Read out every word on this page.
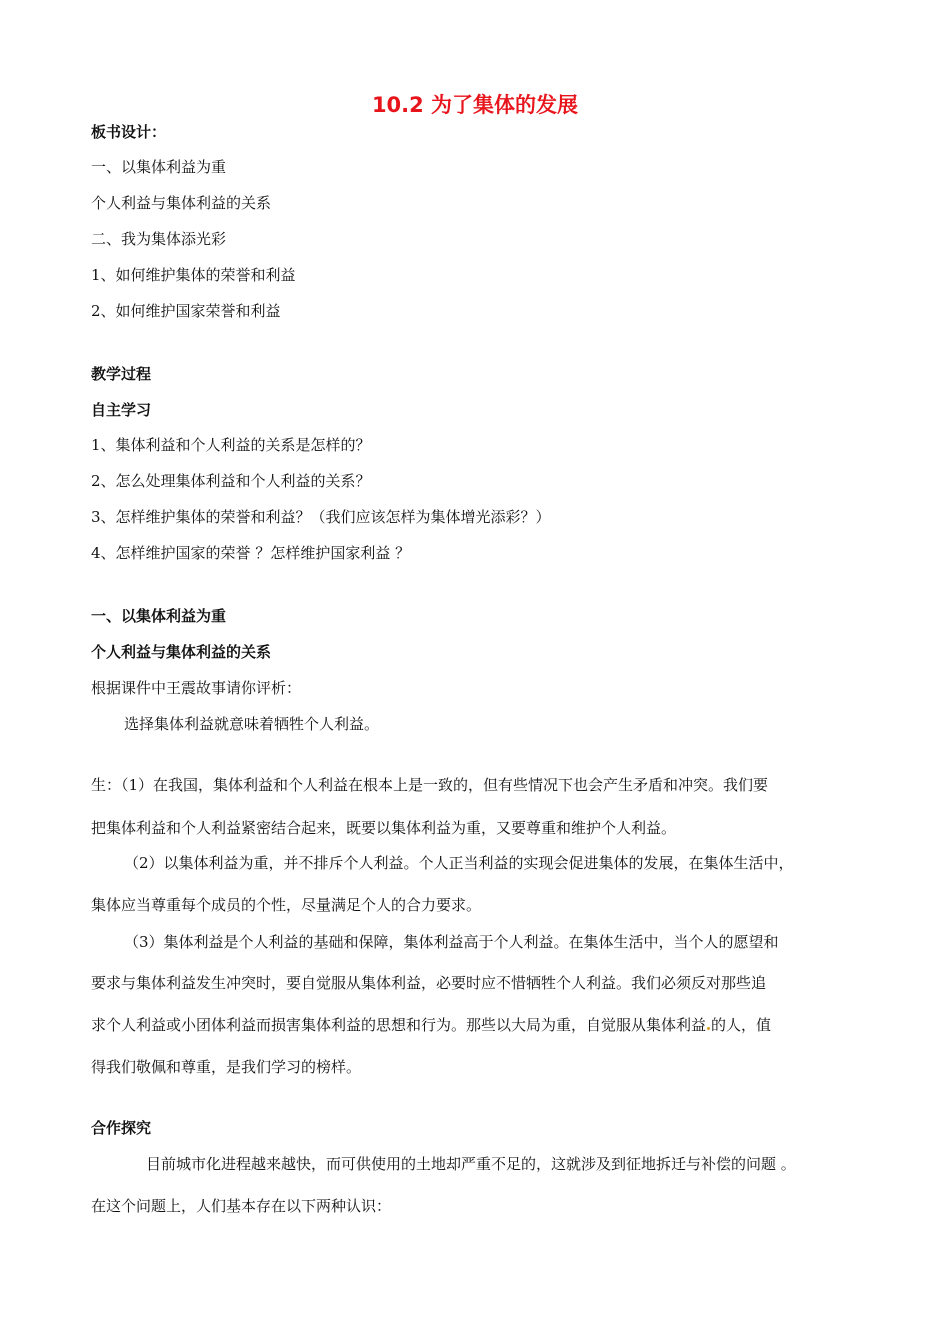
10.2 为了集体的发展
板书设计：
一、以集体利益为重
个人利益与集体利益的关系
二、我为集体添光彩
1、如何维护集体的荣誉和利益
2、如何维护国家荣誉和利益
教学过程
自主学习
1、集体利益和个人利益的关系是怎样的？
2、怎么处理集体利益和个人利益的关系？
3、怎样维护集体的荣誉和利益？（我们应该怎样为集体增光添彩？）
4、怎样维护国家的荣誉 ？怎样维护国家利益 ？
一、以集体利益为重
个人利益与集体利益的关系
根据课件中王震故事请你评析：
选择集体利益就意味着牺牲个人利益。
生：（1）在我国，集体利益和个人利益在根本上是一致的，但有些情况下也会产生矛盾和冲突。我们要
把集体利益和个人利益紧密结合起来，既要以集体利益为重，又要尊重和维护个人利益。
（2）以集体利益为重，并不排斥个人利益。个人正当利益的实现会促进集体的发展，在集体生活中，
集体应当尊重每个成员的个性，尽量满足个人的合力要求。
（3）集体利益是个人利益的基础和保障，集体利益高于个人利益。在集体生活中，当个人的愿望和
要求与集体利益发生冲突时，要自觉服从集体利益，必要时应不惜牺牲个人利益。我们必须反对那些追
求个人利益或小团体利益而损害集体利益的思想和行为。那些以大局为重，自觉服从集体利益 的人，值
得我们敬佩和尊重，是我们学习的榜样。
合作探究
目前城市化进程越来越快，而可供使用的土地却严重不足的，这就涉及到征地拆迁与补偿的问题 。
在这个问题上，人们基本存在以下两种认识：
